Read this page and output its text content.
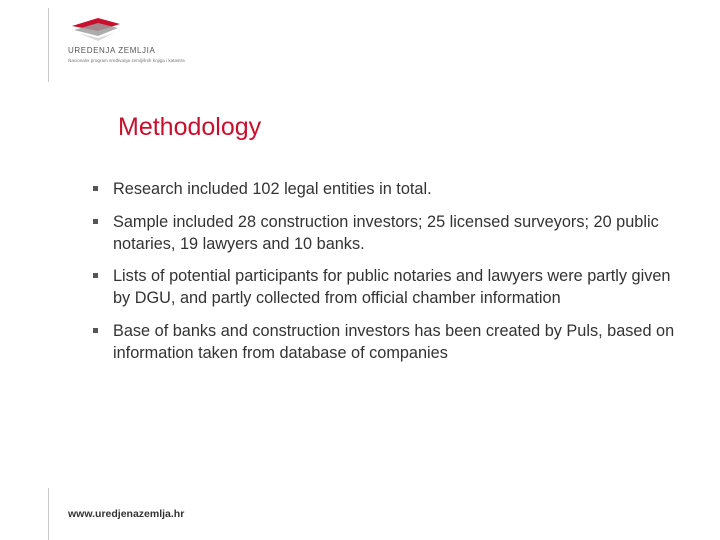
UREDENJA ZEMLJIA
Nacionalni program sređivanja zemljišnih knjiga i katastra
Methodology
Research included 102 legal entities in total.
Sample included 28 construction investors; 25 licensed surveyors; 20 public notaries, 19 lawyers and 10 banks.
Lists of potential participants for public notaries and lawyers were partly given by DGU, and partly collected from official chamber information
Base of banks and construction investors has been created by Puls, based on information taken from database of companies
www.uredjenazemlja.hr
